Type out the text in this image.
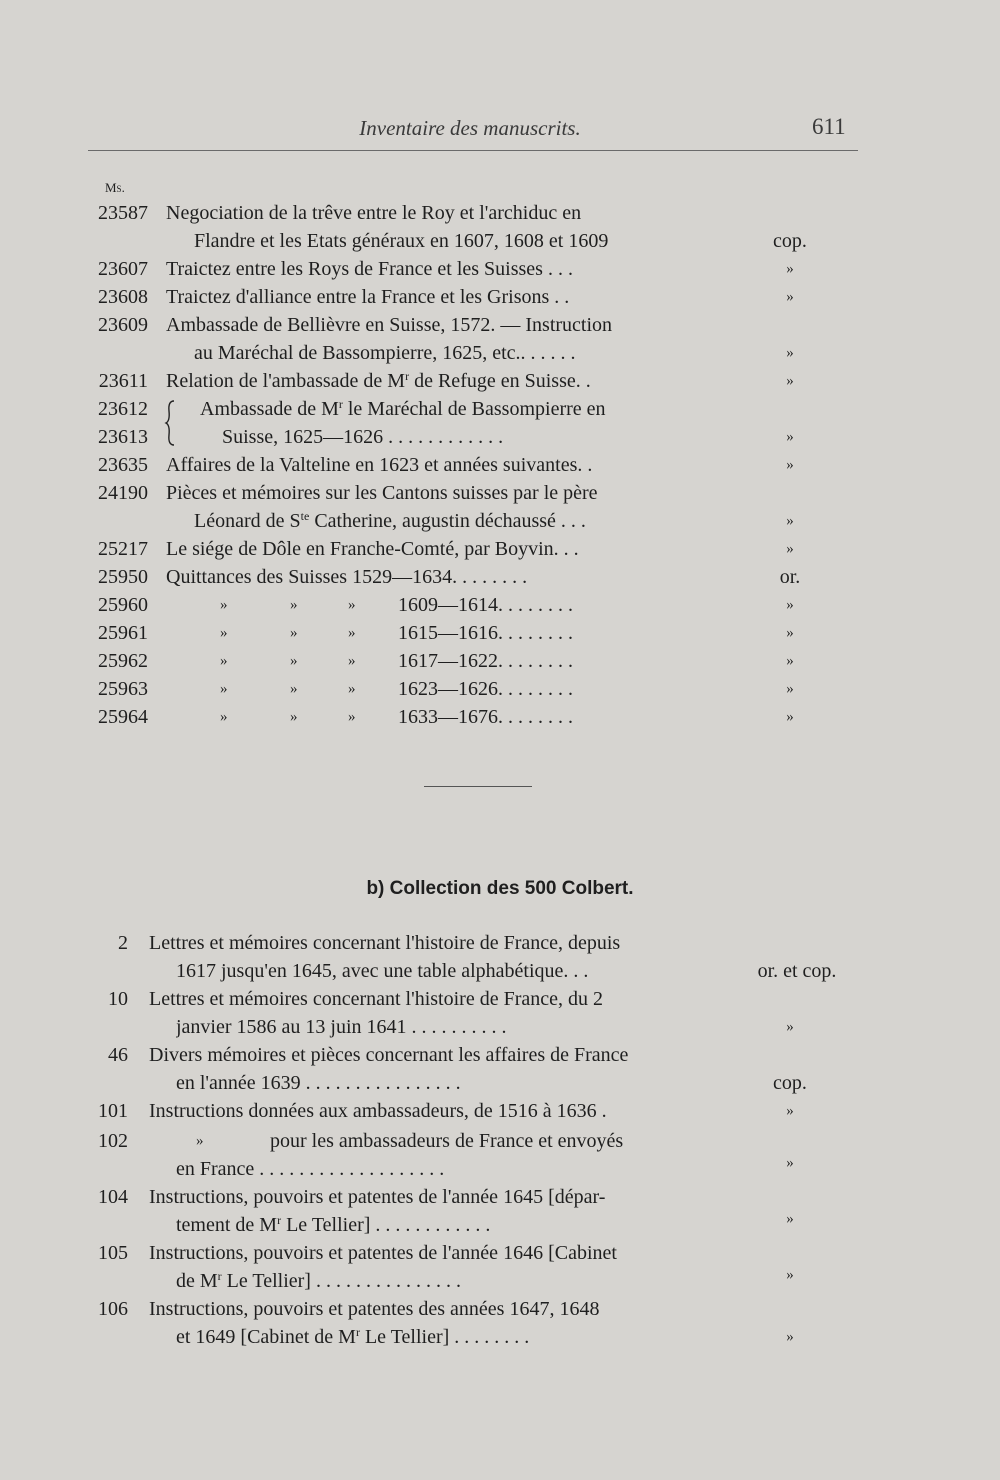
Inventaire des manuscrits.	611
Ms.
23587 Negociation de la trêve entre le Roy et l'archiduc en
Flandre et les Etats généraux en 1607, 1608 et 1609	cop.
23607 Traictez entre les Roys de France et les Suisses . . .	»
23608 Traictez d'alliance entre la France et les Grisons . .	»
23609 Ambassade de Bellièvre en Suisse, 1572. — Instruction
au Maréchal de Bassompierre, 1625, etc.. . . . . .	»
23611 Relation de l'ambassade de $M^r$ de Refuge en Suisse. .	»
23612	Ambassade de $M^r$ le Maréchal de Bassompierre en
23613	Suisse, 1625—1626 . . . . . . . . . . . .	»
23635 Affaires de la Valteline en 1623 et années suivantes. .	»
24190 Pièces et mémoires sur les Cantons suisses par le père
Léonard de $S^{te}$ Catherine, augustin déchaussé . . .	»
25217 Le siége de Dôle en Franche-Comté, par Boyvin. . .	»
25950 Quittances des Suisses 1529—1634. . . . . . . .	or.
25960	»	»	» 1609—1614. . . . . . . .	»
25961	»	»	» 1615—1616. . . . . . . .	»
25962	»	»	» 1617—1622. . . . . . . .	»
25963	»	»	» 1623—1626. . . . . . . .	»
25964	»	»	» 1633—1676. . . . . . . .	»
b) Collection des 500 Colbert.
2 Lettres et mémoires concernant l'histoire de France, depuis
1617 jusqu'en 1645, avec une table alphabétique. . .	or. et cop.
10 Lettres et mémoires concernant l'histoire de France, du 2
janvier 1586 au 13 juin 1641 . . . . . . . . . .	»
46 Divers mémoires et pièces concernant les affaires de France
en l'année 1639 . . . . . . . . . . . . . . . .	cop.
101 Instructions données aux ambassadeurs, de 1516 à 1636 .	»
102	»	pour les ambassadeurs de France et envoyés
en France . . . . . . . . . . . . . . . . . . .	»
104 Instructions, pouvoirs et patentes de l'année 1645 [dépar-
tement de $M^r$ Le Tellier] . . . . . . . . . . . .	»
105 Instructions, pouvoirs et patentes de l'année 1646 [Cabinet
de $M^r$ Le Tellier] . . . . . . . . . . . . . . .	»
106 Instructions, pouvoirs et patentes des années 1647, 1648
et 1649 [Cabinet de $M^r$ Le Tellier] . . . . . . . .	»
